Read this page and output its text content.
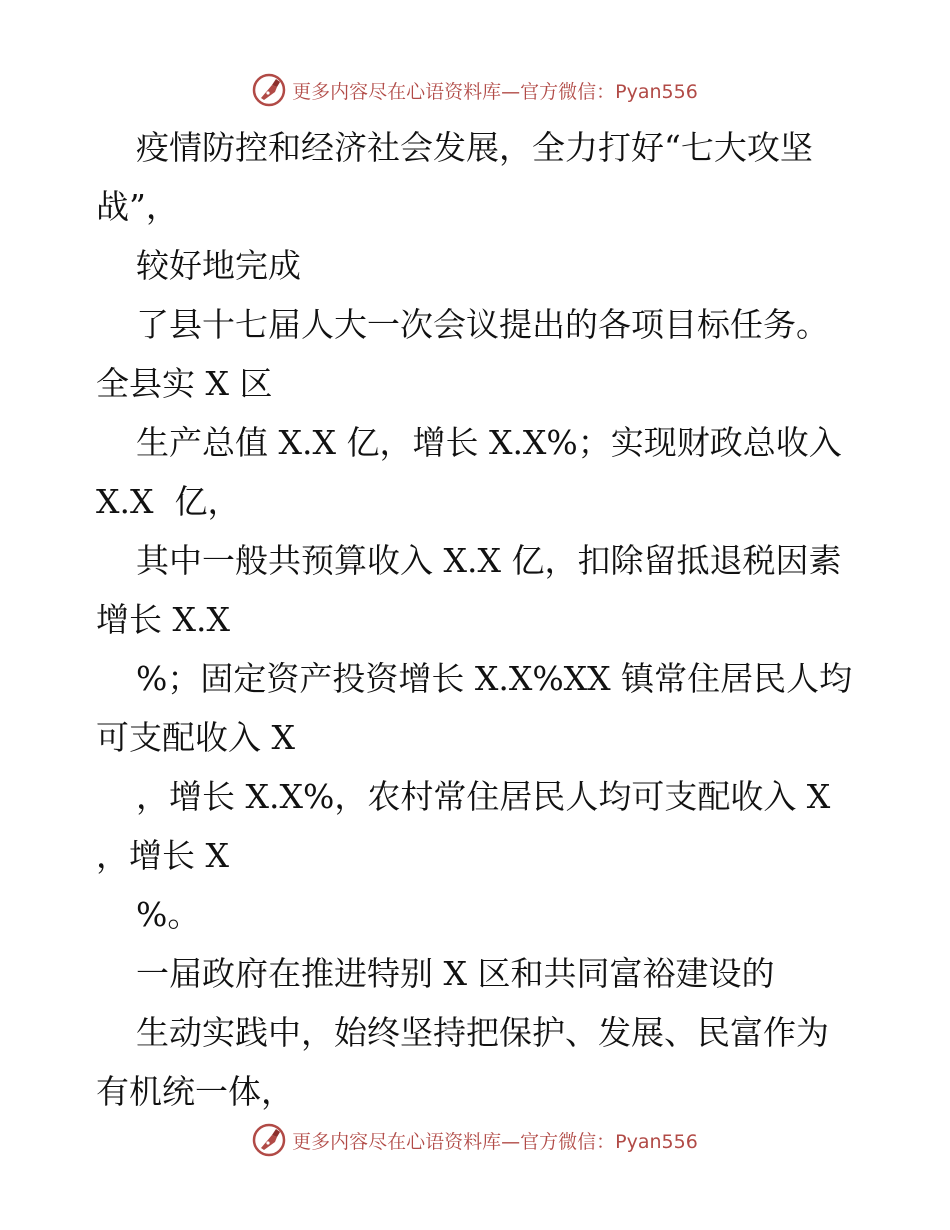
更多内容尽在心语资料库—官方微信：Pyan556

疫情防控和经济社会发展，全力打好“七大攻坚战”，

较好地完成

了县十七届人大一次会议提出的各项目标任务。全县实 X 区

生产总值 X.X 亿，增长 X.X%；实现财政总收入 X.X  亿，

其中一般共预算收入 X.X 亿，扣除留抵退税因素增长 X.X

%；固定资产投资增长 X.X%XX 镇常住居民人均可支配收入 X

，增长 X.X%，农村常住居民人均可支配收入 X ，增长 X

%。

一届政府在推进特别 X 区和共同富裕建设的

生动实践中，始终坚持把保护、发展、民富作为有机统一体，

更多内容尽在心语资料库—官方微信：Pyan556
